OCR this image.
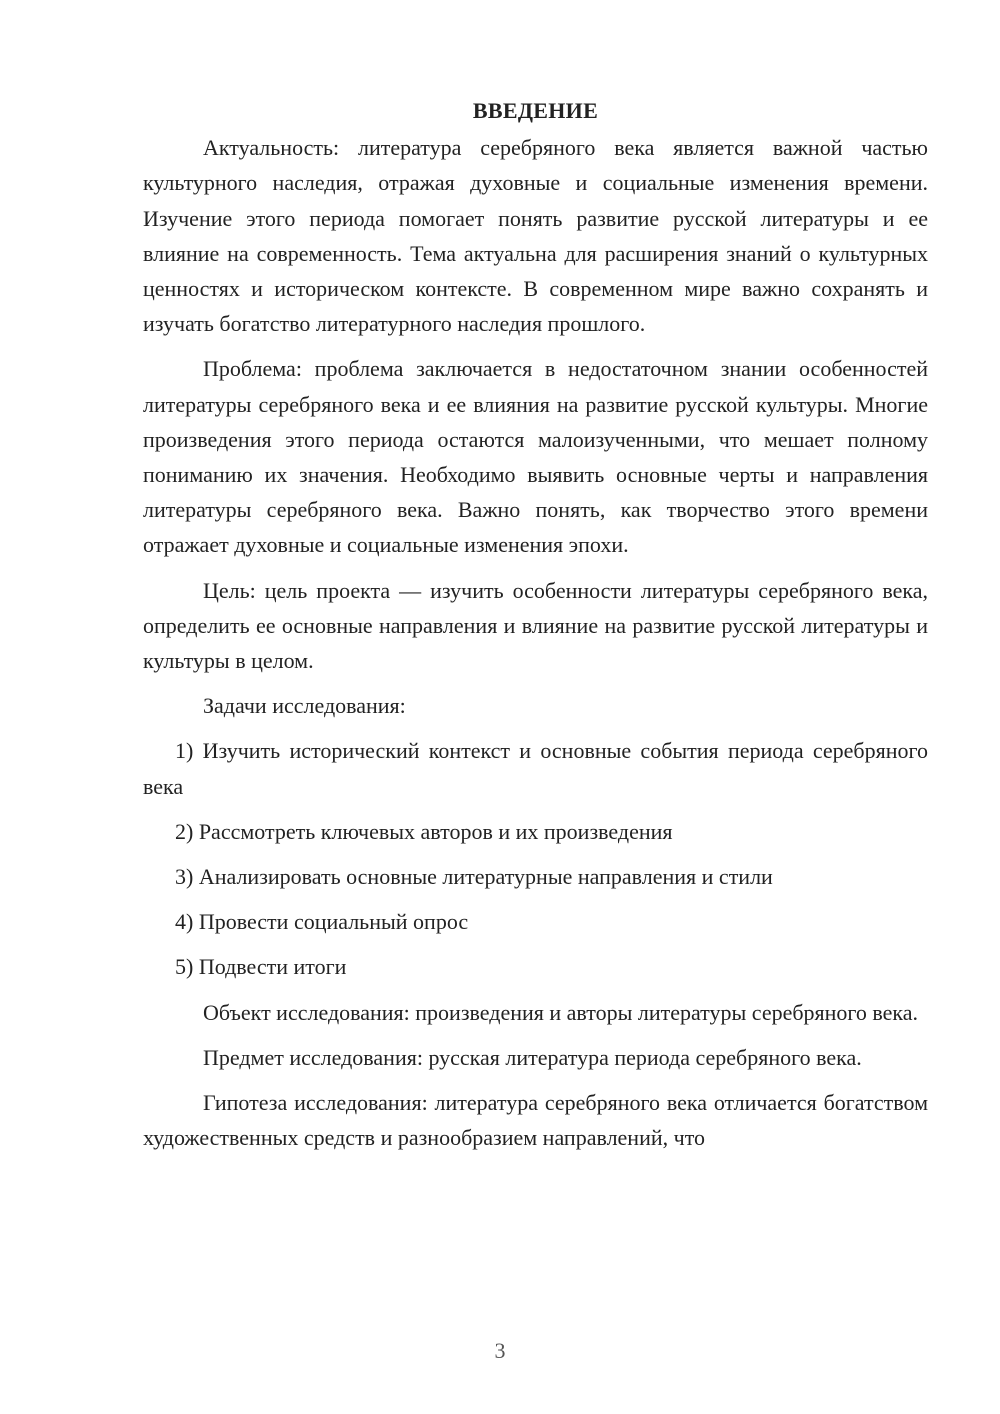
ВВЕДЕНИЕ

Актуальность: литература серебряного века является важной частью культурного наследия, отражая духовные и социальные изменения времени. Изучение этого периода помогает понять развитие русской литературы и ее влияние на современность. Тема актуальна для расширения знаний о культурных ценностях и историческом контексте. В современном мире важно сохранять и изучать богатство литературного наследия прошлого.

Проблема: проблема заключается в недостаточном знании особенностей литературы серебряного века и ее влияния на развитие русской культуры. Многие произведения этого периода остаются малоизученными, что мешает полному пониманию их значения. Необходимо выявить основные черты и направления литературы серебряного века. Важно понять, как творчество этого времени отражает духовные и социальные изменения эпохи.

Цель: цель проекта — изучить особенности литературы серебряного века, определить ее основные направления и влияние на развитие русской литературы и культуры в целом.

Задачи исследования:

1) Изучить исторический контекст и основные события периода серебряного века

2) Рассмотреть ключевых авторов и их произведения

3) Анализировать основные литературные направления и стили

4) Провести социальный опрос

5) Подвести итоги

Объект исследования: произведения и авторы литературы серебряного века.

Предмет исследования: русская литература периода серебряного века.

Гипотеза исследования: литература серебряного века отличается богатством художественных средств и разнообразием направлений, что

3
